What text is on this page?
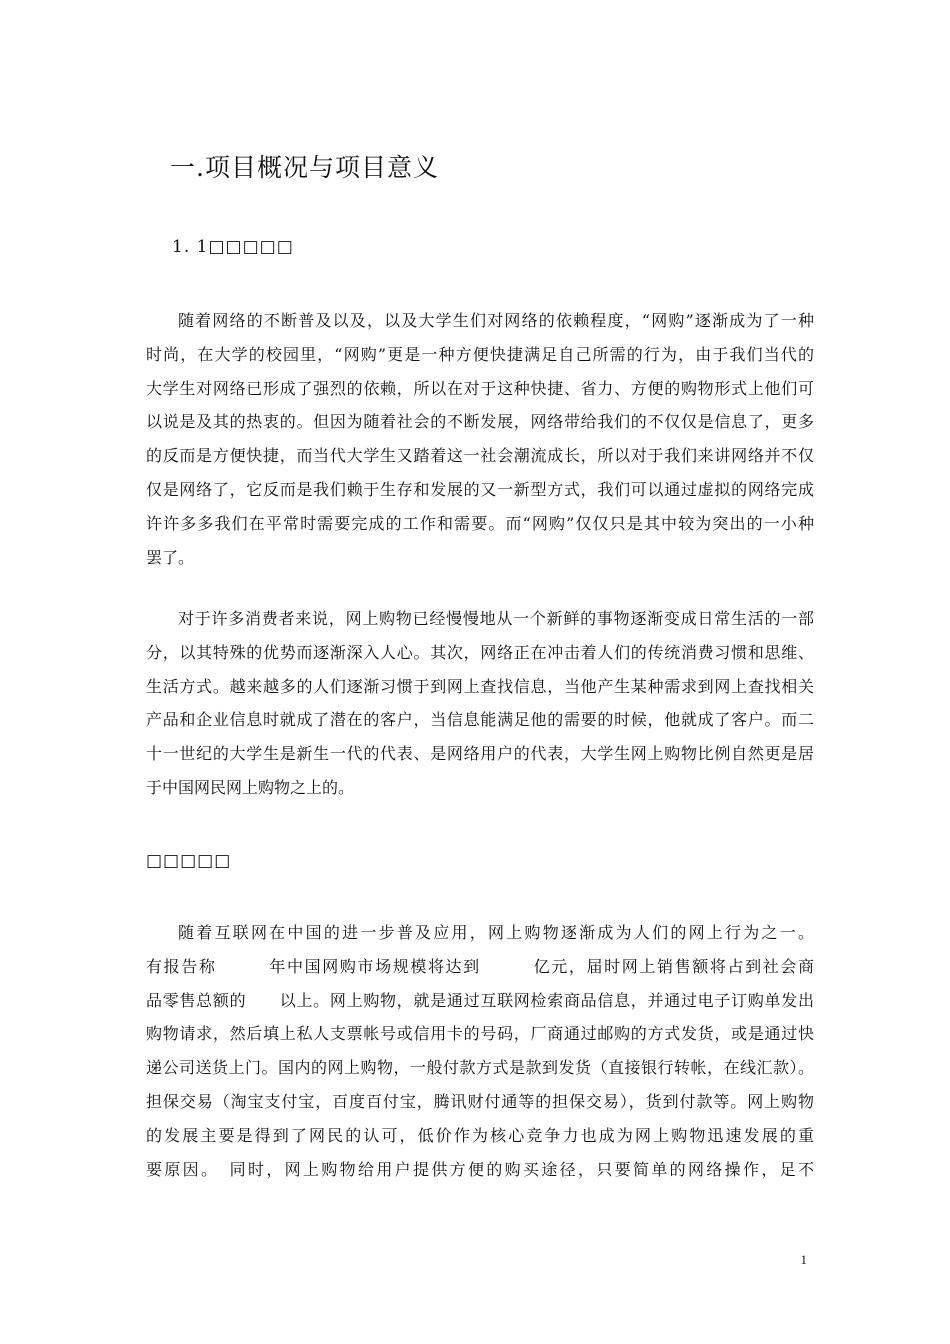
一.项目概况与项目意义
1. 1□□□□□
随着网络的不断普及以及，以及大学生们对网络的依赖程度，“网购”逐渐成为了一种
时尚，在大学的校园里，“网购”更是一种方便快捷满足自己所需的行为，由于我们当代的
大学生对网络已形成了强烈的依赖，所以在对于这种快捷、省力、方便的购物形式上他们可
以说是及其的热衷的。但因为随着社会的不断发展，网络带给我们的不仅仅是信息了，更多
的反而是方便快捷，而当代大学生又踏着这一社会潮流成长，所以对于我们来讲网络并不仅
仅是网络了，它反而是我们赖于生存和发展的又一新型方式，我们可以通过虚拟的网络完成
许许多多我们在平常时需要完成的工作和需要。而“网购”仅仅只是其中较为突出的一小种
罢了。
对于许多消费者来说，网上购物已经慢慢地从一个新鲜的事物逐渐变成日常生活的一部
分，以其特殊的优势而逐渐深入人心。其次，网络正在冲击着人们的传统消费习惯和思维、
生活方式。越来越多的人们逐渐习惯于到网上查找信息，当他产生某种需求到网上查找相关
产品和企业信息时就成了潜在的客户，当信息能满足他的需要的时候，他就成了客户。而二
十一世纪的大学生是新生一代的代表、是网络用户的代表，大学生网上购物比例自然更是居
于中国网民网上购物之上的。
□□□□□
随着互联网在中国的进一步普及应用，网上购物逐渐成为人们的网上行为之一。
有报告称　　　年中国网购市场规模将达到　　　亿元，届时网上销售额将占到社会商
品零售总额的　　以上。网上购物，就是通过互联网检索商品信息，并通过电子订购单发出
购物请求，然后填上私人支票帐号或信用卡的号码，厂商通过邮购的方式发货，或是通过快
递公司送货上门。国内的网上购物，一般付款方式是款到发货（直接银行转帐，在线汇款）。
担保交易（淘宝支付宝，百度百付宝，腾讯财付通等的担保交易），货到付款等。网上购物
的发展主要是得到了网民的认可，低价作为核心竞争力也成为网上购物迅速发展的重
要原因。　同时，网上购物给用户提供方便的购买途径，只要简单的网络操作，足不
1
